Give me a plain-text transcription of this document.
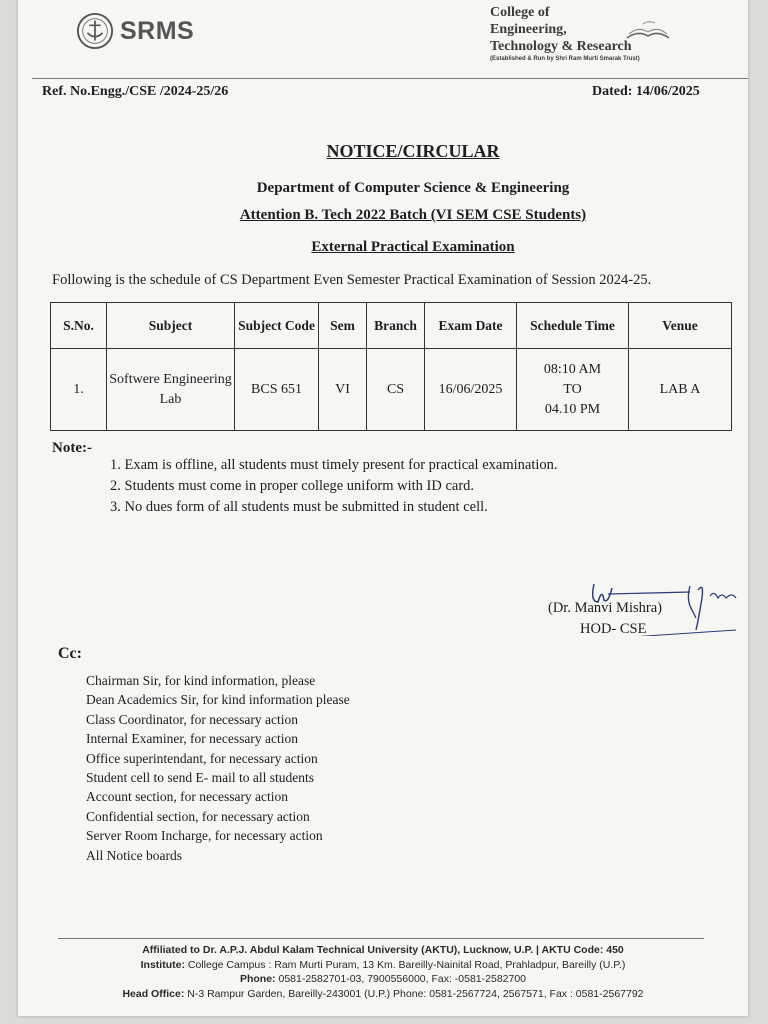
SRMS
College of
Engineering,
Technology & Research
(Established & Run by Shri Ram Murti Smarak Trust)
Ref. No.Engg./CSE /2024-25/26	Dated: 14/06/2025
NOTICE/CIRCULAR
Department of Computer Science & Engineering
Attention B. Tech 2022 Batch (VI SEM CSE Students)
External Practical Examination
Following is the schedule of CS Department Even Semester Practical Examination of Session 2024-25.
S.No.	Subject	Subject Code	Sem	Branch	Exam Date	Schedule Time	Venue
1.	Softwere Engineering Lab	BCS 651	VI	CS	16/06/2025	08:10 AM
TO
04.10 PM	LAB A
Note:-
1. Exam is offline, all students must timely present for practical examination.
2. Students must come in proper college uniform with ID card.
3. No dues form of all students must be submitted in student cell.
(Dr. Manvi Mishra)
HOD- CSE
Cc:
Chairman Sir, for kind information, please
Dean Academics Sir, for kind information please
Class Coordinator, for necessary action
Internal Examiner, for necessary action
Office superintendant, for necessary action
Student cell to send E- mail to all students
Account section, for necessary action
Confidential section, for necessary action
Server Room Incharge, for necessary action
All Notice boards
Affiliated to Dr. A.P.J. Abdul Kalam Technical University (AKTU), Lucknow, U.P. | AKTU Code: 450
Institute: College Campus : Ram Murti Puram, 13 Km. Bareilly-Nainital Road, Prahladpur, Bareilly (U.P.)
Phone: 0581-2582701-03, 7900556000, Fax: -0581-2582700
Head Office: N-3 Rampur Garden, Bareilly-243001 (U.P.) Phone: 0581-2567724, 2567571, Fax : 0581-2567792
